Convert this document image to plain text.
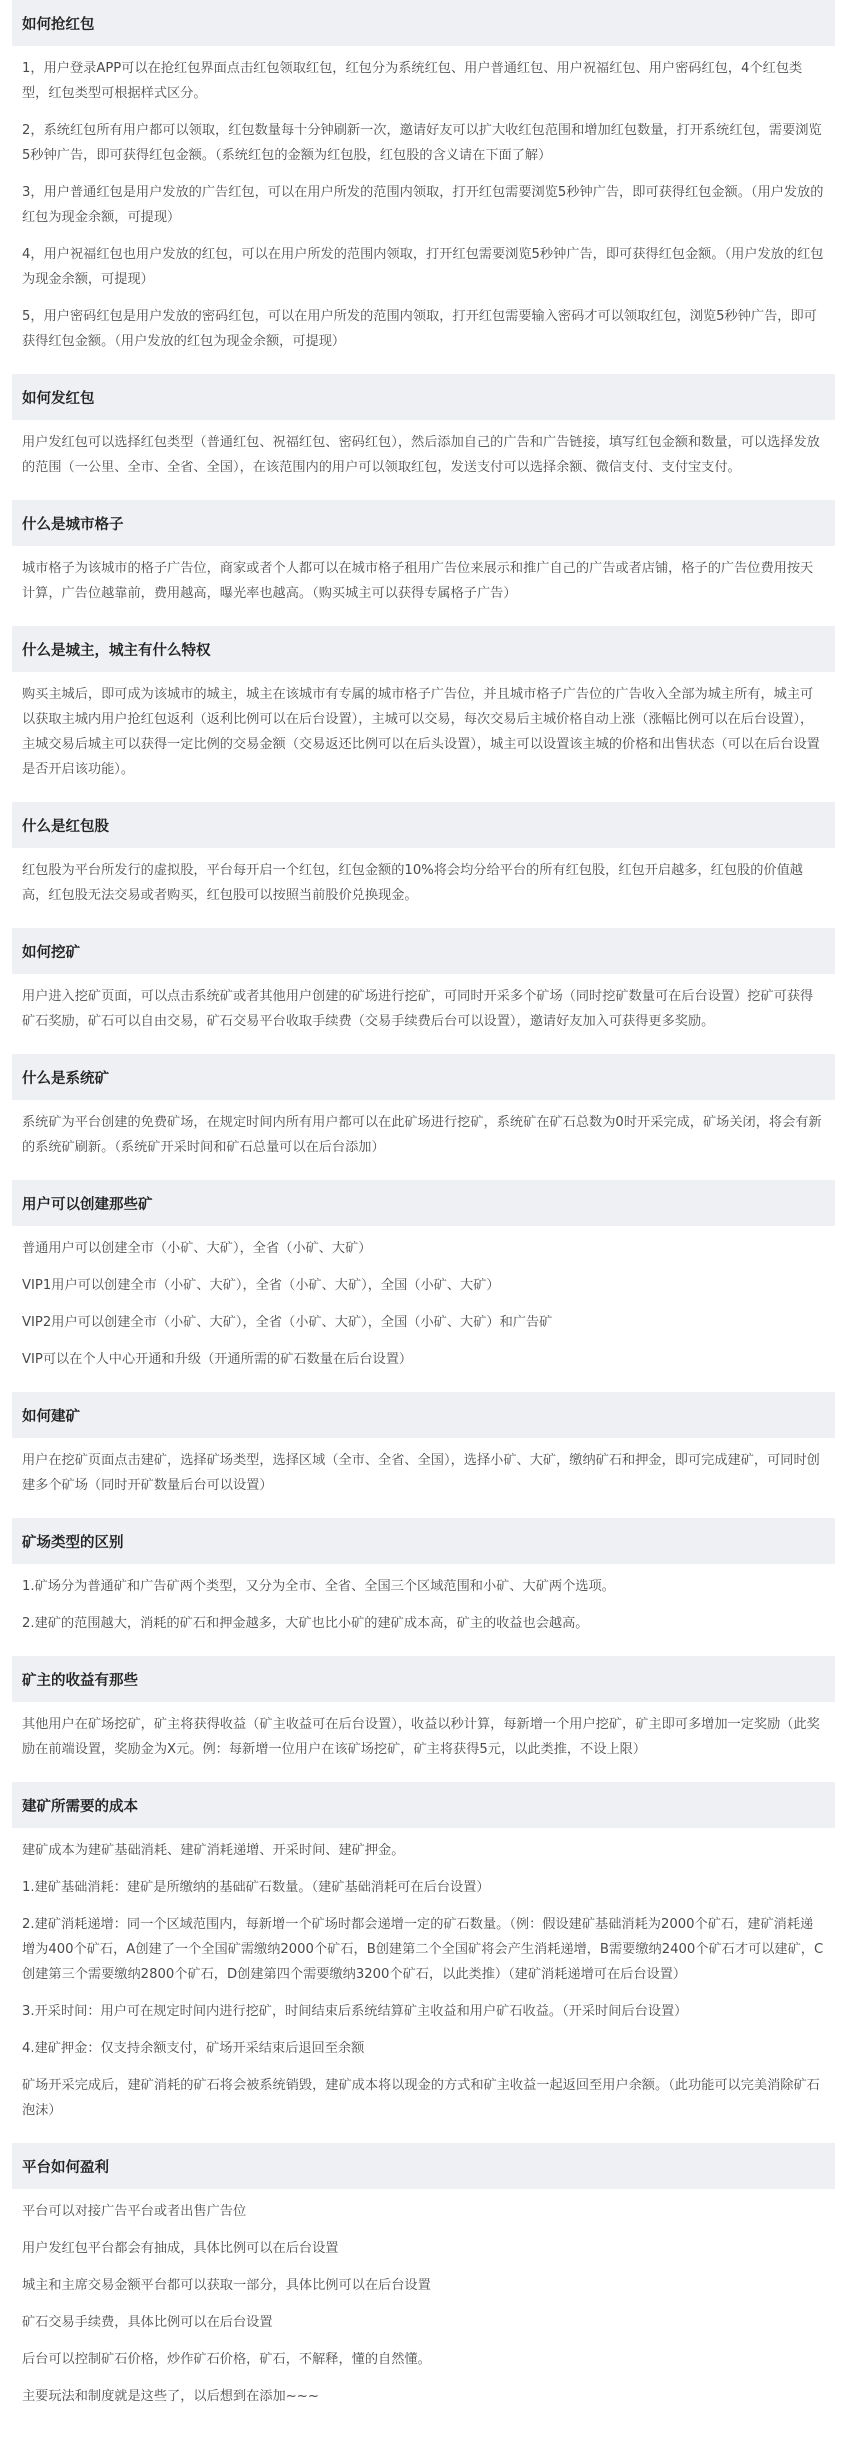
如何抢红包

1，用户登录APP可以在抢红包界面点击红包领取红包，红包分为系统红包、用户普通红包、用户祝福红包、用户密码红包，4个红包类型，红包类型可根据样式区分。

2，系统红包所有用户都可以领取，红包数量每十分钟刷新一次，邀请好友可以扩大收红包范围和增加红包数量，打开系统红包，需要浏览5秒钟广告，即可获得红包金额。（系统红包的金额为红包股，红包股的含义请在下面了解）

3，用户普通红包是用户发放的广告红包，可以在用户所发的范围内领取，打开红包需要浏览5秒钟广告，即可获得红包金额。（用户发放的红包为现金余额，可提现）

4，用户祝福红包也用户发放的红包，可以在用户所发的范围内领取，打开红包需要浏览5秒钟广告，即可获得红包金额。（用户发放的红包为现金余额，可提现）

5，用户密码红包是用户发放的密码红包，可以在用户所发的范围内领取，打开红包需要输入密码才可以领取红包，浏览5秒钟广告，即可获得红包金额。（用户发放的红包为现金余额，可提现）

如何发红包

用户发红包可以选择红包类型（普通红包、祝福红包、密码红包），然后添加自己的广告和广告链接，填写红包金额和数量，可以选择发放的范围（一公里、全市、全省、全国），在该范围内的用户可以领取红包，发送支付可以选择余额、微信支付、支付宝支付。

什么是城市格子

城市格子为该城市的格子广告位，商家或者个人都可以在城市格子租用广告位来展示和推广自己的广告或者店铺，格子的广告位费用按天计算，广告位越靠前，费用越高，曝光率也越高。（购买城主可以获得专属格子广告）

什么是城主，城主有什么特权

购买主城后，即可成为该城市的城主，城主在该城市有专属的城市格子广告位，并且城市格子广告位的广告收入全部为城主所有，城主可以获取主城内用户抢红包返利（返利比例可以在后台设置），主城可以交易，每次交易后主城价格自动上涨（涨幅比例可以在后台设置），主城交易后城主可以获得一定比例的交易金额（交易返还比例可以在后头设置），城主可以设置该主城的价格和出售状态（可以在后台设置是否开启该功能）。

什么是红包股

红包股为平台所发行的虚拟股，平台每开启一个红包，红包金额的10%将会均分给平台的所有红包股，红包开启越多，红包股的价值越高，红包股无法交易或者购买，红包股可以按照当前股价兑换现金。

如何挖矿

用户进入挖矿页面，可以点击系统矿或者其他用户创建的矿场进行挖矿，可同时开采多个矿场（同时挖矿数量可在后台设置）挖矿可获得矿石奖励，矿石可以自由交易，矿石交易平台收取手续费（交易手续费后台可以设置），邀请好友加入可获得更多奖励。

什么是系统矿

系统矿为平台创建的免费矿场，在规定时间内所有用户都可以在此矿场进行挖矿，系统矿在矿石总数为0时开采完成，矿场关闭，将会有新的系统矿刷新。（系统矿开采时间和矿石总量可以在后台添加）

用户可以创建那些矿

普通用户可以创建全市（小矿、大矿），全省（小矿、大矿）

VIP1用户可以创建全市（小矿、大矿），全省（小矿、大矿），全国（小矿、大矿）

VIP2用户可以创建全市（小矿、大矿），全省（小矿、大矿），全国（小矿、大矿）和广告矿

VIP可以在个人中心开通和升级（开通所需的矿石数量在后台设置）

如何建矿

用户在挖矿页面点击建矿，选择矿场类型，选择区域（全市、全省、全国），选择小矿、大矿，缴纳矿石和押金，即可完成建矿，可同时创建多个矿场（同时开矿数量后台可以设置）

矿场类型的区别

1.矿场分为普通矿和广告矿两个类型，又分为全市、全省、全国三个区域范围和小矿、大矿两个选项。

2.建矿的范围越大，消耗的矿石和押金越多，大矿也比小矿的建矿成本高，矿主的收益也会越高。

矿主的收益有那些

其他用户在矿场挖矿，矿主将获得收益（矿主收益可在后台设置），收益以秒计算，每新增一个用户挖矿，矿主即可多增加一定奖励（此奖励在前端设置，奖励金为X元。例：每新增一位用户在该矿场挖矿，矿主将获得5元，以此类推，不设上限）

建矿所需要的成本

建矿成本为建矿基础消耗、建矿消耗递增、开采时间、建矿押金。

1.建矿基础消耗：建矿是所缴纳的基础矿石数量。（建矿基础消耗可在后台设置）

2.建矿消耗递增：同一个区域范围内，每新增一个矿场时都会递增一定的矿石数量。（例：假设建矿基础消耗为2000个矿石，建矿消耗递增为400个矿石，A创建了一个全国矿需缴纳2000个矿石，B创建第二个全国矿将会产生消耗递增，B需要缴纳2400个矿石才可以建矿，C创建第三个需要缴纳2800个矿石，D创建第四个需要缴纳3200个矿石，以此类推）（建矿消耗递增可在后台设置）

3.开采时间：用户可在规定时间内进行挖矿，时间结束后系统结算矿主收益和用户矿石收益。（开采时间后台设置）

4.建矿押金：仅支持余额支付，矿场开采结束后退回至余额

矿场开采完成后，建矿消耗的矿石将会被系统销毁，建矿成本将以现金的方式和矿主收益一起返回至用户余额。（此功能可以完美消除矿石泡沫）

平台如何盈利

平台可以对接广告平台或者出售广告位

用户发红包平台都会有抽成，具体比例可以在后台设置

城主和主席交易金额平台都可以获取一部分，具体比例可以在后台设置

矿石交易手续费，具体比例可以在后台设置

后台可以控制矿石价格，炒作矿石价格，矿石，不解释，懂的自然懂。

主要玩法和制度就是这些了，以后想到在添加~~~
